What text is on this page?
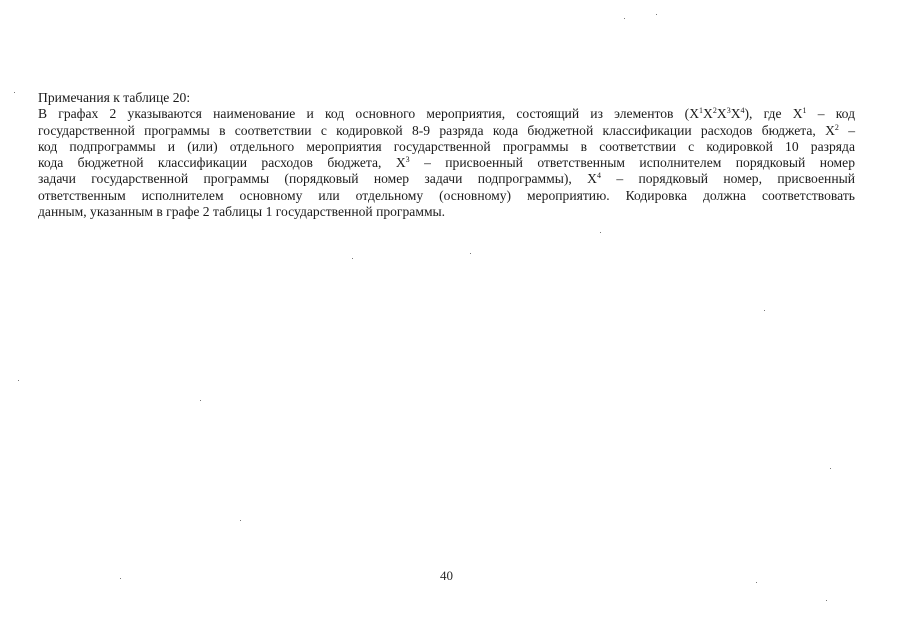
Примечания к таблице 20:
В графах 2 указываются наименование и код основного мероприятия, состоящий из элементов $(X^1X^2X^3X^4)$, где $X^1$ – код
государственной программы в соответствии с кодировкой 8-9 разряда кода бюджетной классификации расходов бюджета, $X^2$ –
код подпрограммы и (или) отдельного мероприятия государственной программы в соответствии с кодировкой 10 разряда
кода бюджетной классификации расходов бюджета, $X^3$ – присвоенный ответственным исполнителем порядковый номер
задачи государственной программы (порядковый номер задачи подпрограммы), $X^4$ – порядковый номер, присвоенный
ответственным исполнителем основному или отдельному (основному) мероприятию. Кодировка должна соответствовать
данным, указанным в графе 2 таблицы 1 государственной программы.
40
